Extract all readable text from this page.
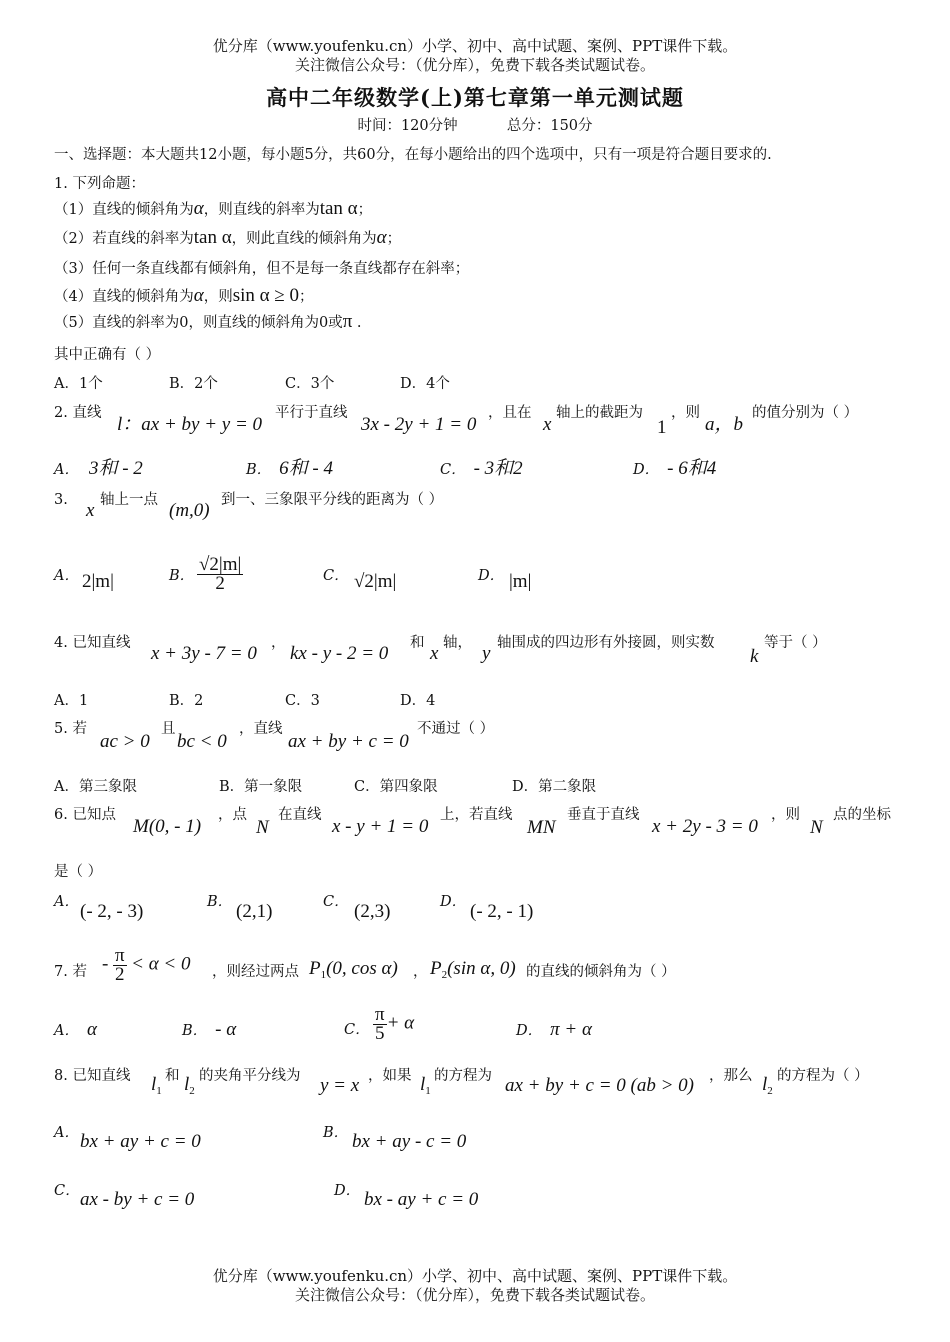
优分库（www.youfenku.cn）小学、初中、高中试题、案例、PPT课件下载。
关注微信公众号：（优分库），免费下载各类试题试卷。
高中二年级数学(上)第七章第一单元测试题
时间：120分钟	总分：150分
一、选择题：本大题共12小题，每小题5分，共60分，在每小题给出的四个选项中，只有一项是符合题目要求的.
1. 下列命题：
（1）直线的倾斜角为α，则直线的斜率为tan α；
（2）若直线的斜率为tan α，则此直线的倾斜角为α；
（3）任何一条直线都有倾斜角，但不是每一条直线都存在斜率；
（4）直线的倾斜角为α，则sin α ≥ 0；
（5）直线的斜率为0，则直线的倾斜角为0或π .
其中正确有（ ）
A．1个	B．2个	C．3个	D．4个
2. 直线
l：ax + by + y = 0
平行于直线
3x - 2y + 1 = 0
，且在
x
轴上的截距为
1
，则
a，b
的值分别为（ ）
A． 3和 - 2	B． 6和 - 4	C． - 3和2	D． - 6和4
3. x 轴上一点 (m,0) 到一、三象限平分线的距离为（ ）
A． 2|m|	B． $\frac{√2|m|}{2}$	C． √2|m|	D． |m|
4. 已知直线 x + 3y - 7 = 0 ， kx - y - 2 = 0 和 x 轴， y 轴围成的四边形有外接圆，则实数
k
等于（ ）
A．1	B．2	C．3	D．4
5. 若
ac > 0
且
bc < 0
，直线
ax + by + c = 0
不通过（ ）
A．第三象限	B．第一象限	C．第四象限	D．第二象限
6. 已知点
M(0, - 1)
，点
N
在直线
x - y + 1 = 0
上，若直线
MN
垂直于直线
x + 2y - 3 = 0
，则
N
点的坐标
是（ ）
A． (- 2, - 3)	B． (2,1)	C． (2,3)	D． (- 2, - 1)
7. 若 - $\frac{\pi}{2} < \alpha < 0$ ，则经过两点 $P_1(0$, cos α) ， $P_2(\sin$ α, 0) 的直线的倾斜角为（ ）
A． α	B． - α	C． $\frac{\pi}{5} + \alpha$	D． π + α
8. 已知直线 $l_1$
和 $l_2$
的夹角平分线为 y = x ，如果 $l_1$
的方程为 ax + by + c = 0 (ab > 0) ，那么 $l_2$
的方程为（ ）
A． bx + ay + c = 0	B． bx + ay - c = 0
C． ax - by + c = 0	D． bx - ay + c = 0
优分库（www.youfenku.cn）小学、初中、高中试题、案例、PPT课件下载。
关注微信公众号：（优分库），免费下载各类试题试卷。
